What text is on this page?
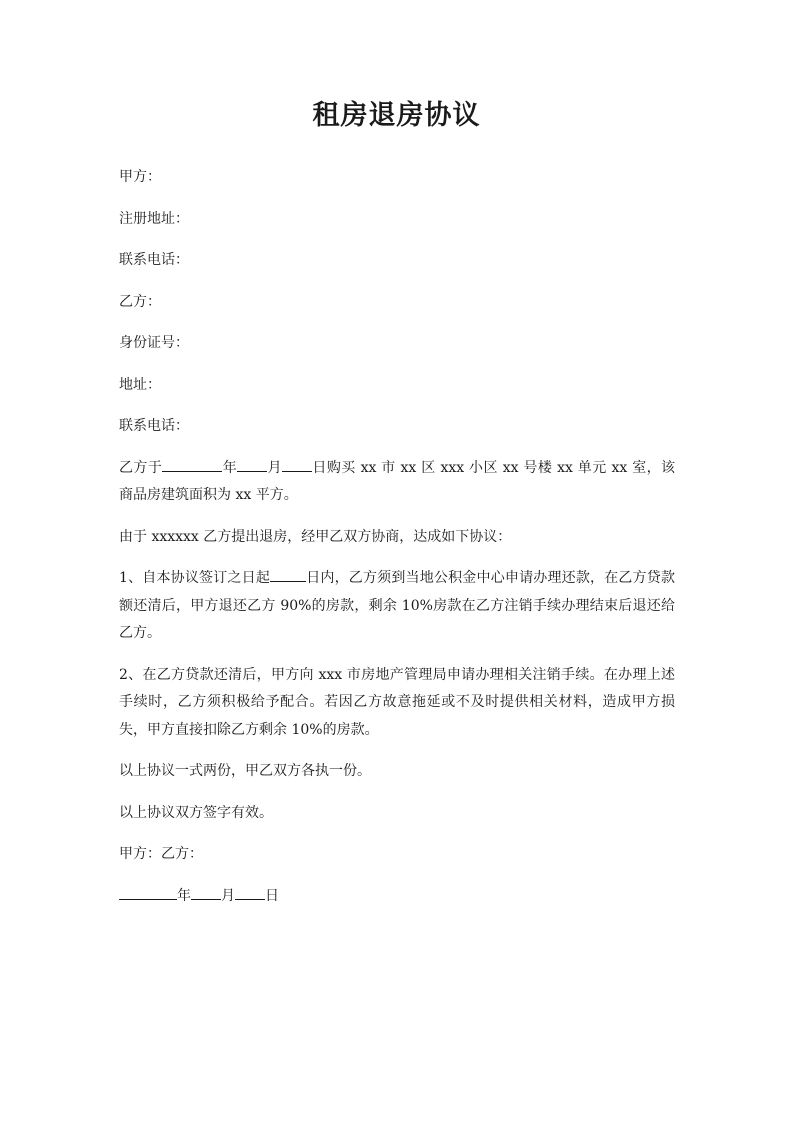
租房退房协议

甲方：

注册地址：

联系电话：

乙方：

身份证号：

地址：

联系电话：

乙方于	年 月 日购买 xx 市 xx 区 xxx 小区 xx 号楼 xx 单元 xx 室，该商品房建筑面积为 xx 平方。

由于 xxxxxx 乙方提出退房，经甲乙双方协商，达成如下协议：

1、自本协议签订之日起	日内，乙方须到当地公积金中心申请办理还款，在乙方贷款额还清后，甲方退还乙方 90%的房款，剩余 10%房款在乙方注销手续办理结束后退还给乙方。

2、在乙方贷款还清后，甲方向 xxx 市房地产管理局申请办理相关注销手续。在办理上述手续时，乙方须积极给予配合。若因乙方故意拖延或不及时提供相关材料，造成甲方损失，甲方直接扣除乙方剩余 10%的房款。

以上协议一式两份，甲乙双方各执一份。

以上协议双方签字有效。

甲方：乙方：

年 月 日
